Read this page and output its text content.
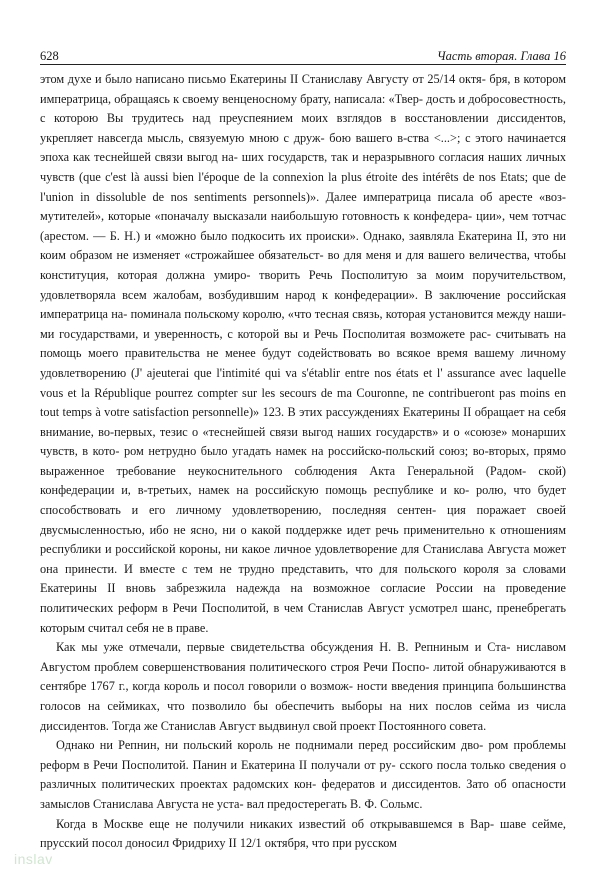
628	Часть вторая. Глава 16

этом духе и было написано письмо Екатерины II Станиславу Августу от 25/14 октя- бря, в котором императрица, обращаясь к своему венценосному брату, написала: «Твер- дость и добросовестность, с которою Вы трудитесь над преуспеянием моих взглядов в восстановлении диссидентов, укрепляет навсегда мысль, связуемую мною с друж- бою вашего в-ства <...>; с этого начинается эпоха как теснейшей связи выгод на- ших государств, так и неразрывного согласия наших личных чувств (que c'est là aussi bien l'époque de la connexion la plus étroite des intérêts de nos Etats; que de l'union in dissoluble de nos sentiments personnels)». Далее императрица писала об аресте «воз- мутителей», которые «поначалу высказали наибольшую готовность к конфедера- ции», чем тотчас (арестом. — Б. Н.) и «можно было подкосить их происки». Однако, заявляла Екатерина II, это ни коим образом не изменяет «строжайшее обязательст- во для меня и для вашего величества, чтобы конституция, которая должна умиро- творить Речь Посполитую за моим поручительством, удовлетворяла всем жалобам, возбудившим народ к конфедерации». В заключение российская императрица на- поминала польскому королю, «что тесная связь, которая установится между наши- ми государствами, и уверенность, с которой вы и Речь Посполитая возможете рас- считывать на помощь моего правительства не менее будут содействовать во всякое время вашему личному удовлетворению (J' ajeuterai que l'intimité qui va s'établir entre nos états et l' assurance avec laquelle vous et la République pourrez compter sur les secours de ma Couronne, ne contribueront pas moins en tout temps à votre satisfaction personnelle)» 123. В этих рассуждениях Екатерины II обращает на себя внимание, во-первых, тезис о «теснейшей связи выгод наших государств» и о «союзе» монарших чувств, в кото- ром нетрудно было угадать намек на российско-польский союз; во-вторых, прямо выраженное требование неукоснительного соблюдения Акта Генеральной (Радом- ской) конфедерации и, в-третьих, намек на российскую помощь республике и ко- ролю, что будет способствовать и его личному удовлетворению, последняя сентен- ция поражает своей двусмысленностью, ибо не ясно, ни о какой поддержке идет речь применительно к отношениям республики и российской короны, ни какое личное удовлетворение для Станислава Августа может она принести. И вместе с тем не трудно представить, что для польского короля за словами Екатерины II вновь забрезжила надежда на возможное согласие России на проведение политических реформ в Речи Посполитой, в чем Станислав Август усмотрел шанс, пренебрегать которым считал себя не в праве.

Как мы уже отмечали, первые свидетельства обсуждения Н. В. Репниным и Ста- ниславом Августом проблем совершенствования политического строя Речи Поспо- литой обнаруживаются в сентябре 1767 г., когда король и посол говорили о возмож- ности введения принципа большинства голосов на сеймиках, что позволило бы обеспечить выборы на них послов сейма из числа диссидентов. Тогда же Станислав Август выдвинул свой проект Постоянного совета.

Однако ни Репнин, ни польский король не поднимали перед российским дво- ром проблемы реформ в Речи Посполитой. Панин и Екатерина II получали от ру- сского посла только сведения о различных политических проектах радомских кон- федератов и диссидентов. Зато об опасности замыслов Станислава Августа не уста- вал предостерегать В. Ф. Сольмс.

Когда в Москве еще не получили никаких известий об открывавшемся в Вар- шаве сейме, прусский посол доносил Фридриху II 12/1 октября, что при русском

inslav
